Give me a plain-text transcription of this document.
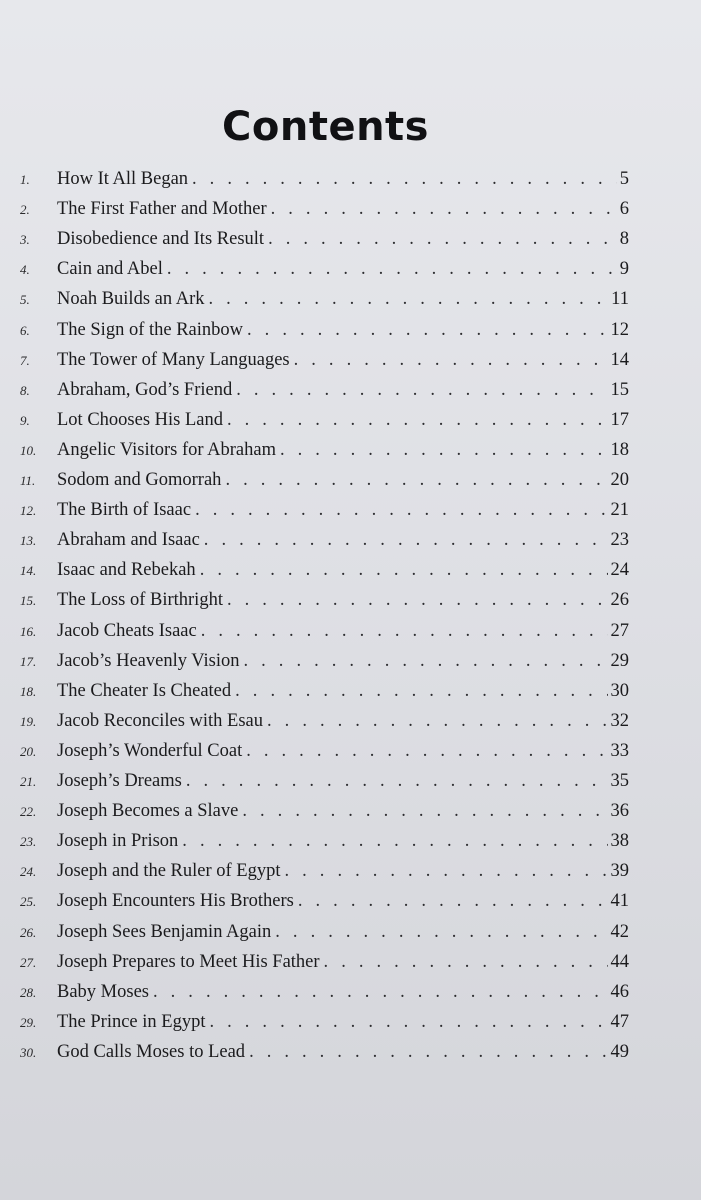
Contents
1.	How It All Began . . .	5
2.	The First Father and Mother . . .	6
3.	Disobedience and Its Result . . .	8
4.	Cain and Abel . . .	9
5.	Noah Builds an Ark . . .	11
6.	The Sign of the Rainbow . . .	12
7.	The Tower of Many Languages . . .	14
8.	Abraham, God’s Friend . . .	15
9.	Lot Chooses His Land . . .	17
10.	Angelic Visitors for Abraham . . .	18
11.	Sodom and Gomorrah . . .	20
12.	The Birth of Isaac . . .	21
13.	Abraham and Isaac . . .	23
14.	Isaac and Rebekah . . .	24
15.	The Loss of Birthright . . .	26
16.	Jacob Cheats Isaac . . .	27
17.	Jacob’s Heavenly Vision . . .	29
18.	The Cheater Is Cheated . . .	30
19.	Jacob Reconciles with Esau . . .	32
20.	Joseph’s Wonderful Coat . . .	33
21.	Joseph’s Dreams . . .	35
22.	Joseph Becomes a Slave . . .	36
23.	Joseph in Prison . . .	38
24.	Joseph and the Ruler of Egypt . . .	39
25.	Joseph Encounters His Brothers . . .	41
26.	Joseph Sees Benjamin Again . . .	42
27.	Joseph Prepares to Meet His Father . . .	44
28.	Baby Moses . . .	46
29.	The Prince in Egypt . . .	47
30.	God Calls Moses to Lead . . .	49
